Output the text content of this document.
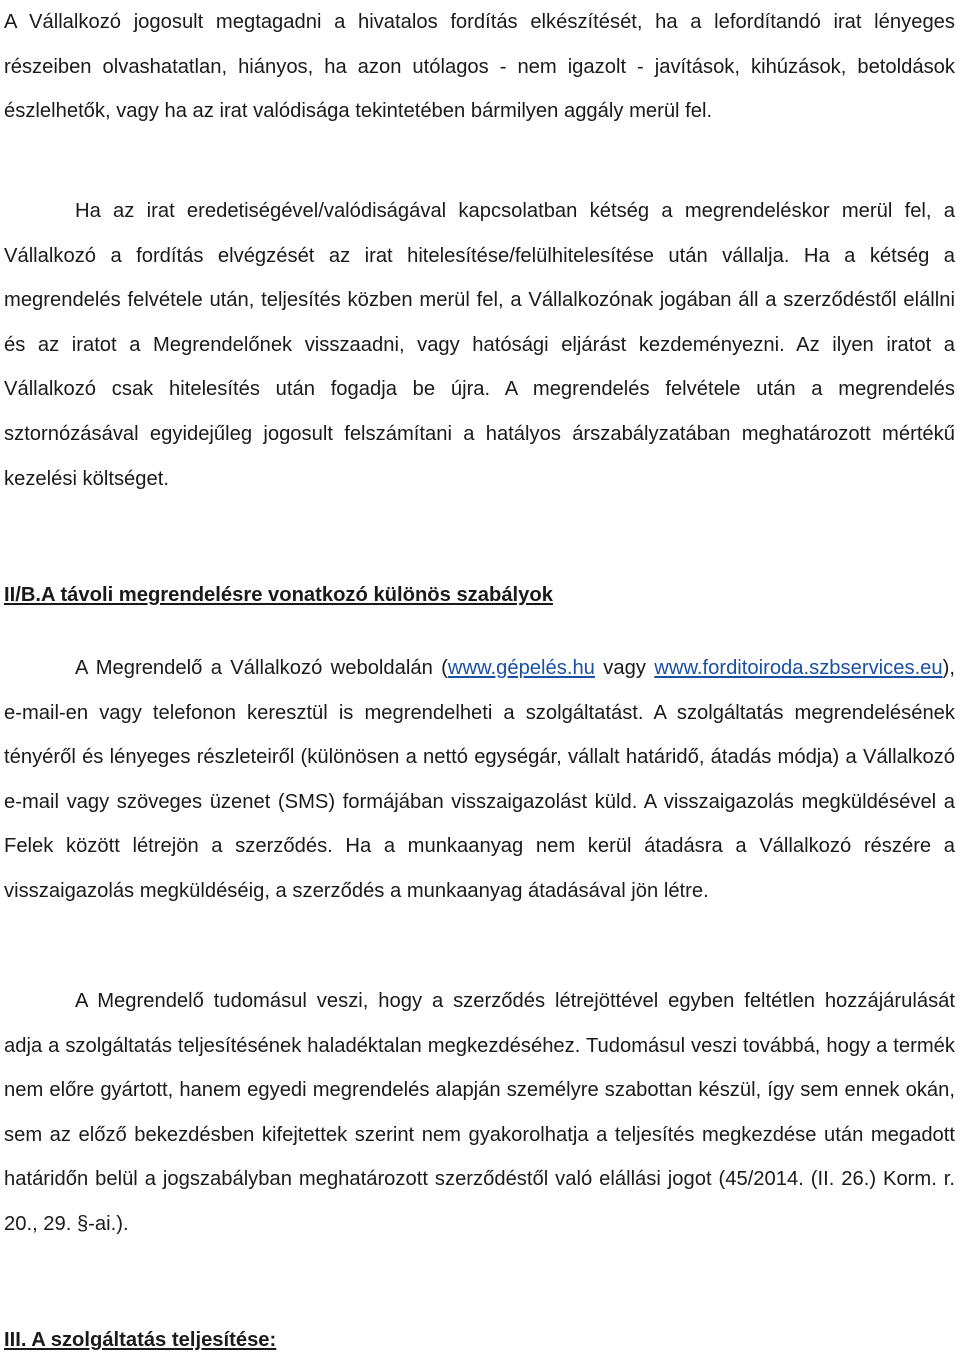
A Vállalkozó jogosult megtagadni a hivatalos fordítás elkészítését, ha a lefordítandó irat lényeges részeiben olvashatatlan, hiányos, ha azon utólagos - nem igazolt - javítások, kihúzások, betoldások észlelhetők, vagy ha az irat valódisága tekintetében bármilyen aggály merül fel.

Ha az irat eredetiségével/valódiságával kapcsolatban kétség a megrendeléskor merül fel, a Vállalkozó a fordítás elvégzését az irat hitelesítése/felülhitelesítése után vállalja. Ha a kétség a megrendelés felvétele után, teljesítés közben merül fel, a Vállalkozónak jogában áll a szerződéstől elállni és az iratot a Megrendelőnek visszaadni, vagy hatósági eljárást kezdeményezni. Az ilyen iratot a Vállalkozó csak hitelesítés után fogadja be újra. A megrendelés felvétele után a megrendelés sztornózásával egyidejűleg jogosult felszámítani a hatályos árszabályzatában meghatározott mértékű kezelési költséget.

II/B.A távoli megrendelésre vonatkozó különös szabályok

A Megrendelő a Vállalkozó weboldalán (www.gépelés.hu vagy www.forditoiroda.szbservices.eu), e-mail-en vagy telefonon keresztül is megrendelheti a szolgáltatást. A szolgáltatás megrendelésének tényéről és lényeges részleteiről (különösen a nettó egységár, vállalt határidő, átadás módja) a Vállalkozó e-mail vagy szöveges üzenet (SMS) formájában visszaigazolást küld. A visszaigazolás megküldésével a Felek között létrejön a szerződés. Ha a munkaanyag nem kerül átadásra a Vállalkozó részére a visszaigazolás megküldéséig, a szerződés a munkaanyag átadásával jön létre.

A Megrendelő tudomásul veszi, hogy a szerződés létrejöttével egyben feltétlen hozzájárulását adja a szolgáltatás teljesítésének haladéktalan megkezdéséhez. Tudomásul veszi továbbá, hogy a termék nem előre gyártott, hanem egyedi megrendelés alapján személyre szabottan készül, így sem ennek okán, sem az előző bekezdésben kifejtettek szerint nem gyakorolhatja a teljesítés megkezdése után megadott határidőn belül a jogszabályban meghatározott szerződéstől való elállási jogot (45/2014. (II. 26.) Korm. r. 20., 29. §-ai.).

III. A szolgáltatás teljesítése:
